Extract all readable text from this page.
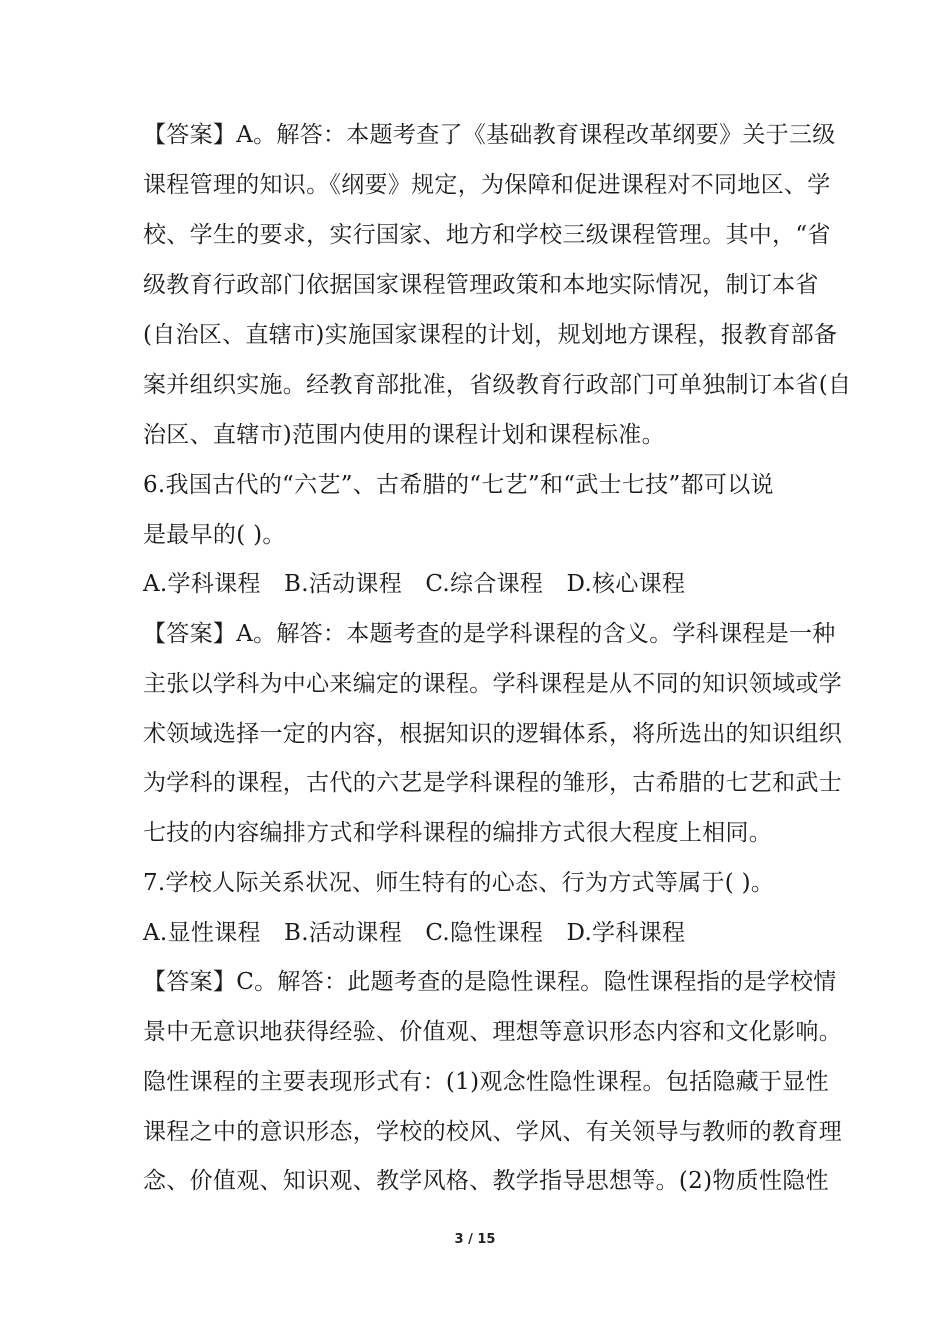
【答案】A。解答：本题考查了《基础教育课程改革纲要》关于三级
课程管理的知识。《纲要》规定，为保障和促进课程对不同地区、学
校、学生的要求，实行国家、地方和学校三级课程管理。其中，“省
级教育行政部门依据国家课程管理政策和本地实际情况，制订本省
(自治区、直辖市)实施国家课程的计划，规划地方课程，报教育部备
案并组织实施。经教育部批准，省级教育行政部门可单独制订本省(自
治区、直辖市)范围内使用的课程计划和课程标准。
6.我国古代的“六艺”、古希腊的“七艺”和“武士七技”都可以说
是最早的( )。
A.学科课程　B.活动课程　C.综合课程　D.核心课程
【答案】A。解答：本题考查的是学科课程的含义。学科课程是一种
主张以学科为中心来编定的课程。学科课程是从不同的知识领域或学
术领域选择一定的内容，根据知识的逻辑体系，将所选出的知识组织
为学科的课程，古代的六艺是学科课程的雏形，古希腊的七艺和武士
七技的内容编排方式和学科课程的编排方式很大程度上相同。
7.学校人际关系状况、师生特有的心态、行为方式等属于( )。
A.显性课程　B.活动课程　C.隐性课程　D.学科课程
【答案】C。解答：此题考查的是隐性课程。隐性课程指的是学校情
景中无意识地获得经验、价值观、理想等意识形态内容和文化影响。
隐性课程的主要表现形式有：(1)观念性隐性课程。包括隐藏于显性
课程之中的意识形态，学校的校风、学风、有关领导与教师的教育理
念、价值观、知识观、教学风格、教学指导思想等。(2)物质性隐性
3 / 15
